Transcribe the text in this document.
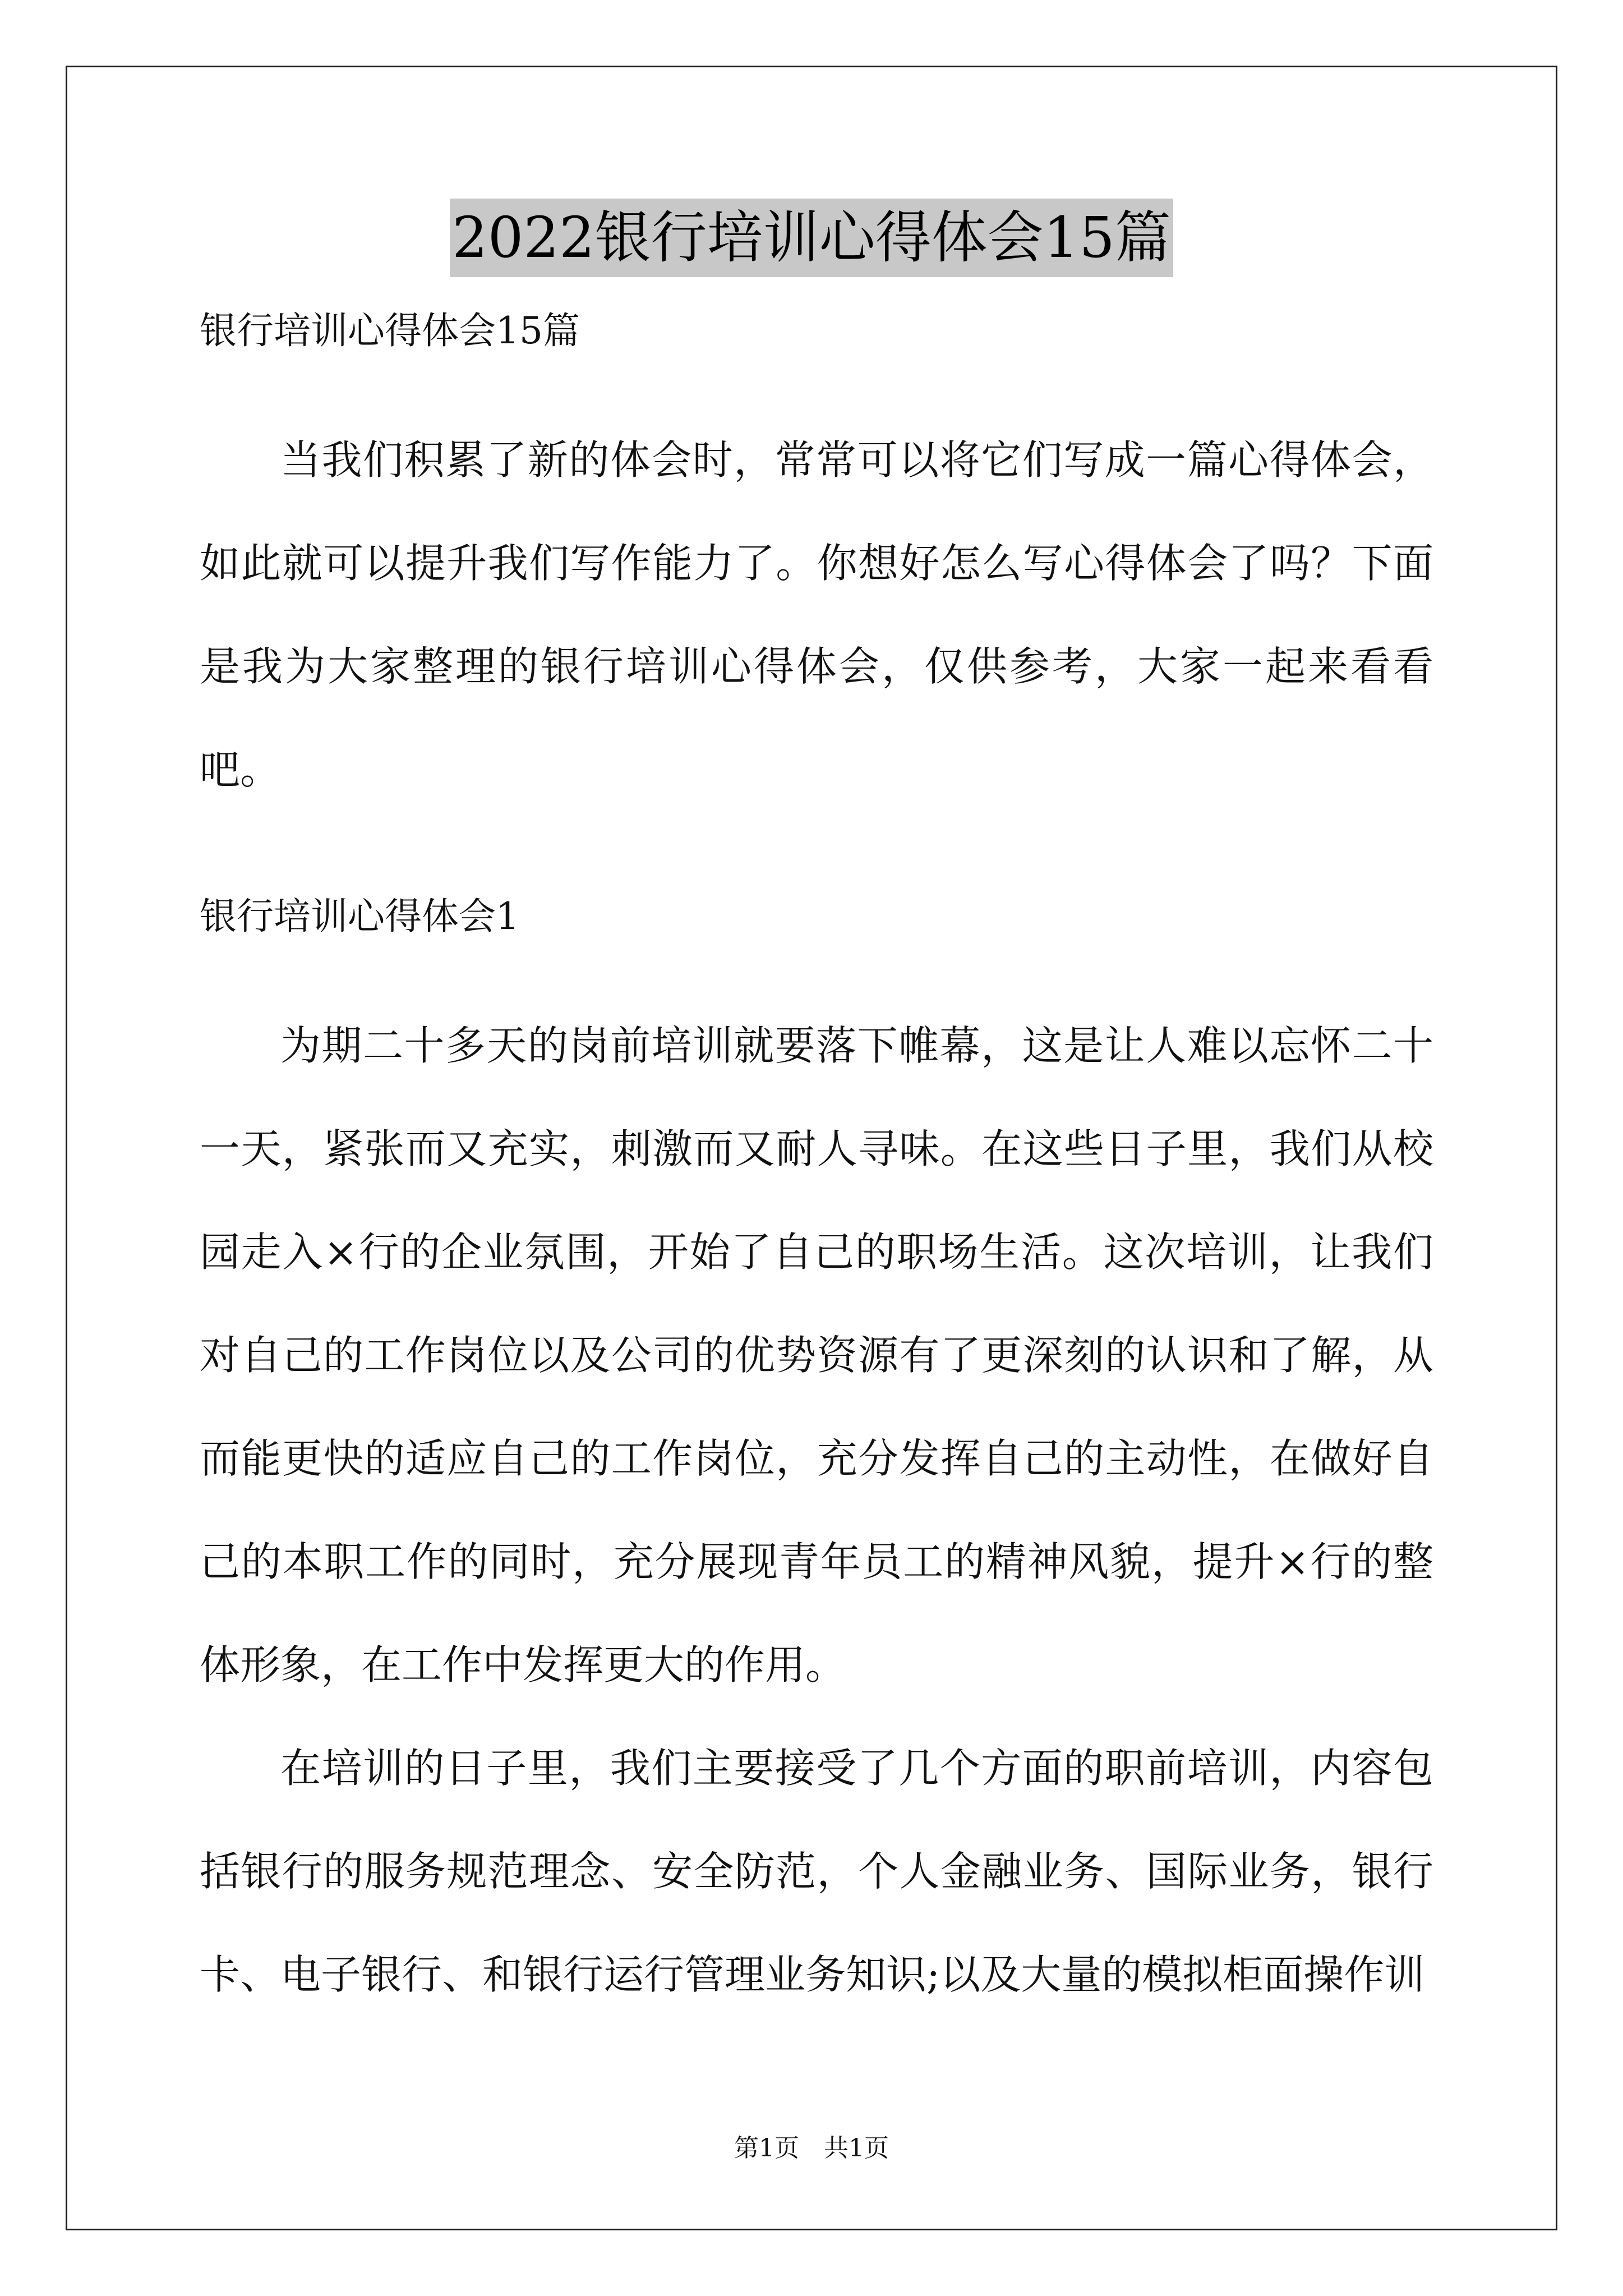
2022银行培训心得体会15篇

银行培训心得体会15篇

当我们积累了新的体会时，常常可以将它们写成一篇心得体会，如此就可以提升我们写作能力了。你想好怎么写心得体会了吗？下面是我为大家整理的银行培训心得体会，仅供参考，大家一起来看看吧。

银行培训心得体会1

为期二十多天的岗前培训就要落下帷幕，这是让人难以忘怀二十一天，紧张而又充实，刺激而又耐人寻味。在这些日子里，我们从校园走入×行的企业氛围，开始了自己的职场生活。这次培训，让我们对自己的工作岗位以及公司的优势资源有了更深刻的认识和了解，从而能更快的适应自己的工作岗位，充分发挥自己的主动性，在做好自己的本职工作的同时，充分展现青年员工的精神风貌，提升×行的整体形象，在工作中发挥更大的作用。

在培训的日子里，我们主要接受了几个方面的职前培训，内容包括银行的服务规范理念、安全防范，个人金融业务、国际业务，银行卡、电子银行、和银行运行管理业务知识;以及大量的模拟柜面操作训

第1页　共1页
